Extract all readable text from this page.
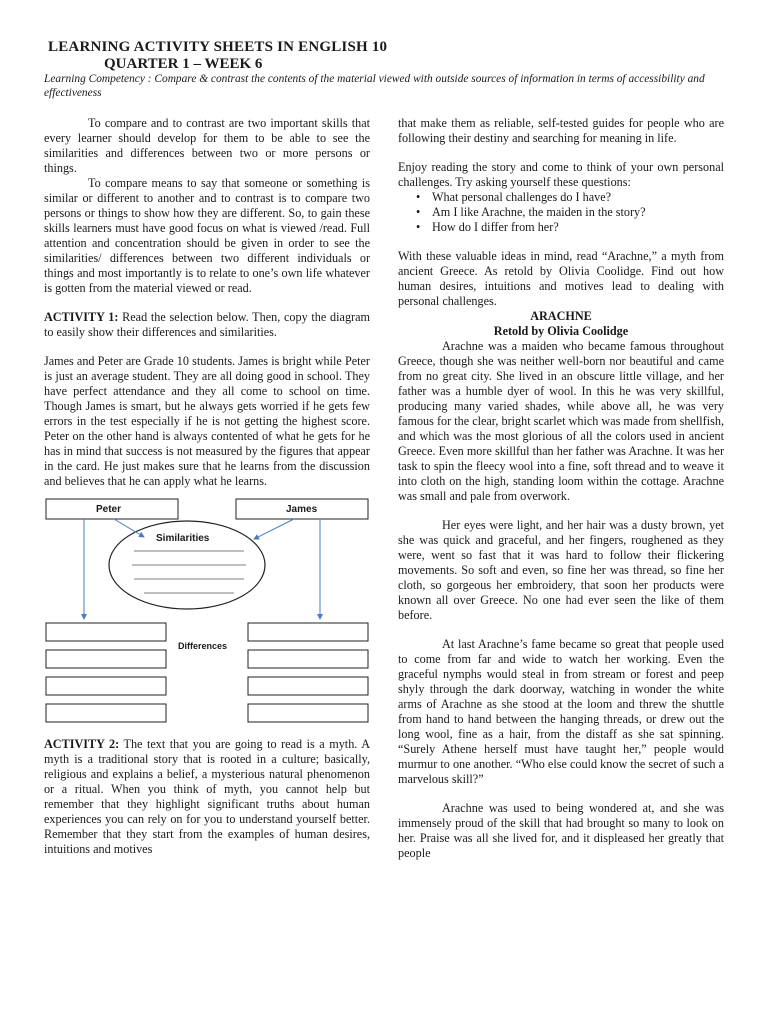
LEARNING ACTIVITY SHEETS IN ENGLISH 10
QUARTER 1 – WEEK 6
Learning Competency : Compare & contrast the contents of the material viewed with outside sources of information in terms of accessibility and effectiveness

To compare and to contrast are two important skills that every learner should develop for them to be able to see the similarities and differences between two or more persons or things.

To compare means to say that someone or something is similar or different to another and to contrast is to compare two persons or things to show how they are different. So, to gain these skills learners must have good focus on what is viewed /read. Full attention and concentration should be given in order to see the similarities/ differences between two different individuals or things and most importantly is to relate to one’s own life whatever is gotten from the material viewed or read.

ACTIVITY 1: Read the selection below. Then, copy the diagram to easily show their differences and similarities.

James and Peter are Grade 10 students. James is bright while Peter is just an average student. They are all doing good in school. They have perfect attendance and they all come to school on time. Though James is smart, but he always gets worried if he gets few errors in the test especially if he is not getting the highest score. Peter on the other hand is always contented of what he gets for he has in mind that success is not measured by the figures that appear in the card. He just makes sure that he learns from the discussion and believes that he can apply what he learns.

Peter	James
Similarities
Differences

ACTIVITY 2: The text that you are going to read is a myth. A myth is a traditional story that is rooted in a culture; basically, religious and explains a belief, a mysterious natural phenomenon or a ritual. When you think of myth, you cannot help but remember that they highlight significant truths about human experiences you can rely on for you to understand yourself better. Remember that they start from the examples of human desires, intuitions and motives

that make them as reliable, self-tested guides for people who are following their destiny and searching for meaning in life.

Enjoy reading the story and come to think of your own personal challenges. Try asking yourself these questions:

• What personal challenges do I have?
• Am I like Arachne, the maiden in the story?
• How do I differ from her?

With these valuable ideas in mind, read “Arachne,” a myth from ancient Greece. As retold by Olivia Coolidge. Find out how human desires, intuitions and motives lead to dealing with personal challenges.

ARACHNE

Retold by Olivia Coolidge

Arachne was a maiden who became famous throughout Greece, though she was neither well-born nor beautiful and came from no great city. She lived in an obscure little village, and her father was a humble dyer of wool. In this he was very skillful, producing many varied shades, while above all, he was very famous for the clear, bright scarlet which was made from shellfish, and which was the most glorious of all the colors used in ancient Greece. Even more skillful than her father was Arachne. It was her task to spin the fleecy wool into a fine, soft thread and to weave it into cloth on the high, standing loom within the cottage. Arachne was small and pale from overwork.

Her eyes were light, and her hair was a dusty brown, yet she was quick and graceful, and her fingers, roughened as they were, went so fast that it was hard to follow their flickering movements. So soft and even, so fine her was thread, so fine her cloth, so gorgeous her embroidery, that soon her products were known all over Greece. No one had ever seen the like of them before.

At last Arachne’s fame became so great that people used to come from far and wide to watch her working. Even the graceful nymphs would steal in from stream or forest and peep shyly through the dark doorway, watching in wonder the white arms of Arachne as she stood at the loom and threw the shuttle from hand to hand between the hanging threads, or drew out the long wool, fine as a hair, from the distaff as she sat spinning. “Surely Athene herself must have taught her,” people would murmur to one another. “Who else could know the secret of such a marvelous skill?”

Arachne was used to being wondered at, and she was immensely proud of the skill that had brought so many to look on her. Praise was all she lived for, and it displeased her greatly that people
